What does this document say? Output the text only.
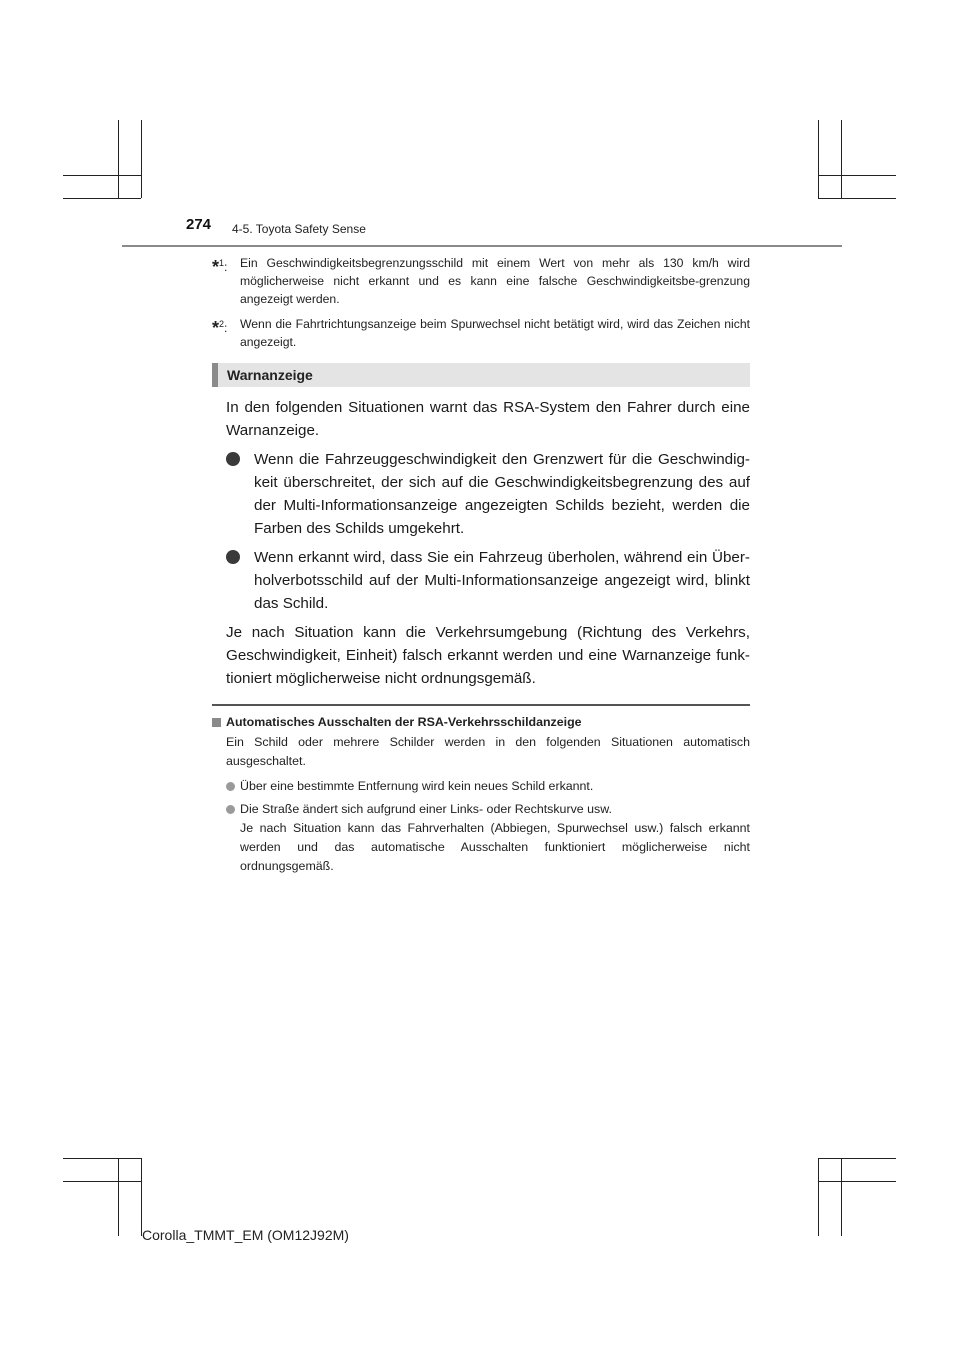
274 4-5. Toyota Safety Sense
*$^1$:	Ein Geschwindigkeitsbegrenzungsschild mit einem Wert von mehr als 130 km/h wird möglicherweise nicht erkannt und es kann eine falsche Geschwindigkeitsbe-grenzung angezeigt werden.
*$^2$:	Wenn die Fahrtrichtungsanzeige beim Spurwechsel nicht betätigt wird, wird das Zeichen nicht angezeigt.
Warnanzeige

In den folgenden Situationen warnt das RSA-System den Fahrer durch eine Warnanzeige.

Wenn die Fahrzeuggeschwindigkeit den Grenzwert für die Geschwindig-keit überschreitet, der sich auf die Geschwindigkeitsbegrenzung des auf der Multi-Informationsanzeige angezeigten Schilds bezieht, werden die Farben des Schilds umgekehrt.
Wenn erkannt wird, dass Sie ein Fahrzeug überholen, während ein Über-holverbotsschild auf der Multi-Informationsanzeige angezeigt wird, blinkt das Schild.

Je nach Situation kann die Verkehrsumgebung (Richtung des Verkehrs, Geschwindigkeit, Einheit) falsch erkannt werden und eine Warnanzeige funk-tioniert möglicherweise nicht ordnungsgemäß.

Automatisches Ausschalten der RSA-Verkehrsschildanzeige

Ein Schild oder mehrere Schilder werden in den folgenden Situationen automatisch ausgeschaltet.

Über eine bestimmte Entfernung wird kein neues Schild erkannt.
Die Straße ändert sich aufgrund einer Links- oder Rechtskurve usw.
Je nach Situation kann das Fahrverhalten (Abbiegen, Spurwechsel usw.) falsch erkannt werden und das automatische Ausschalten funktioniert möglicherweise nicht ordnungsgemäß.
Corolla_TMMT_EM (OM12J92M)
